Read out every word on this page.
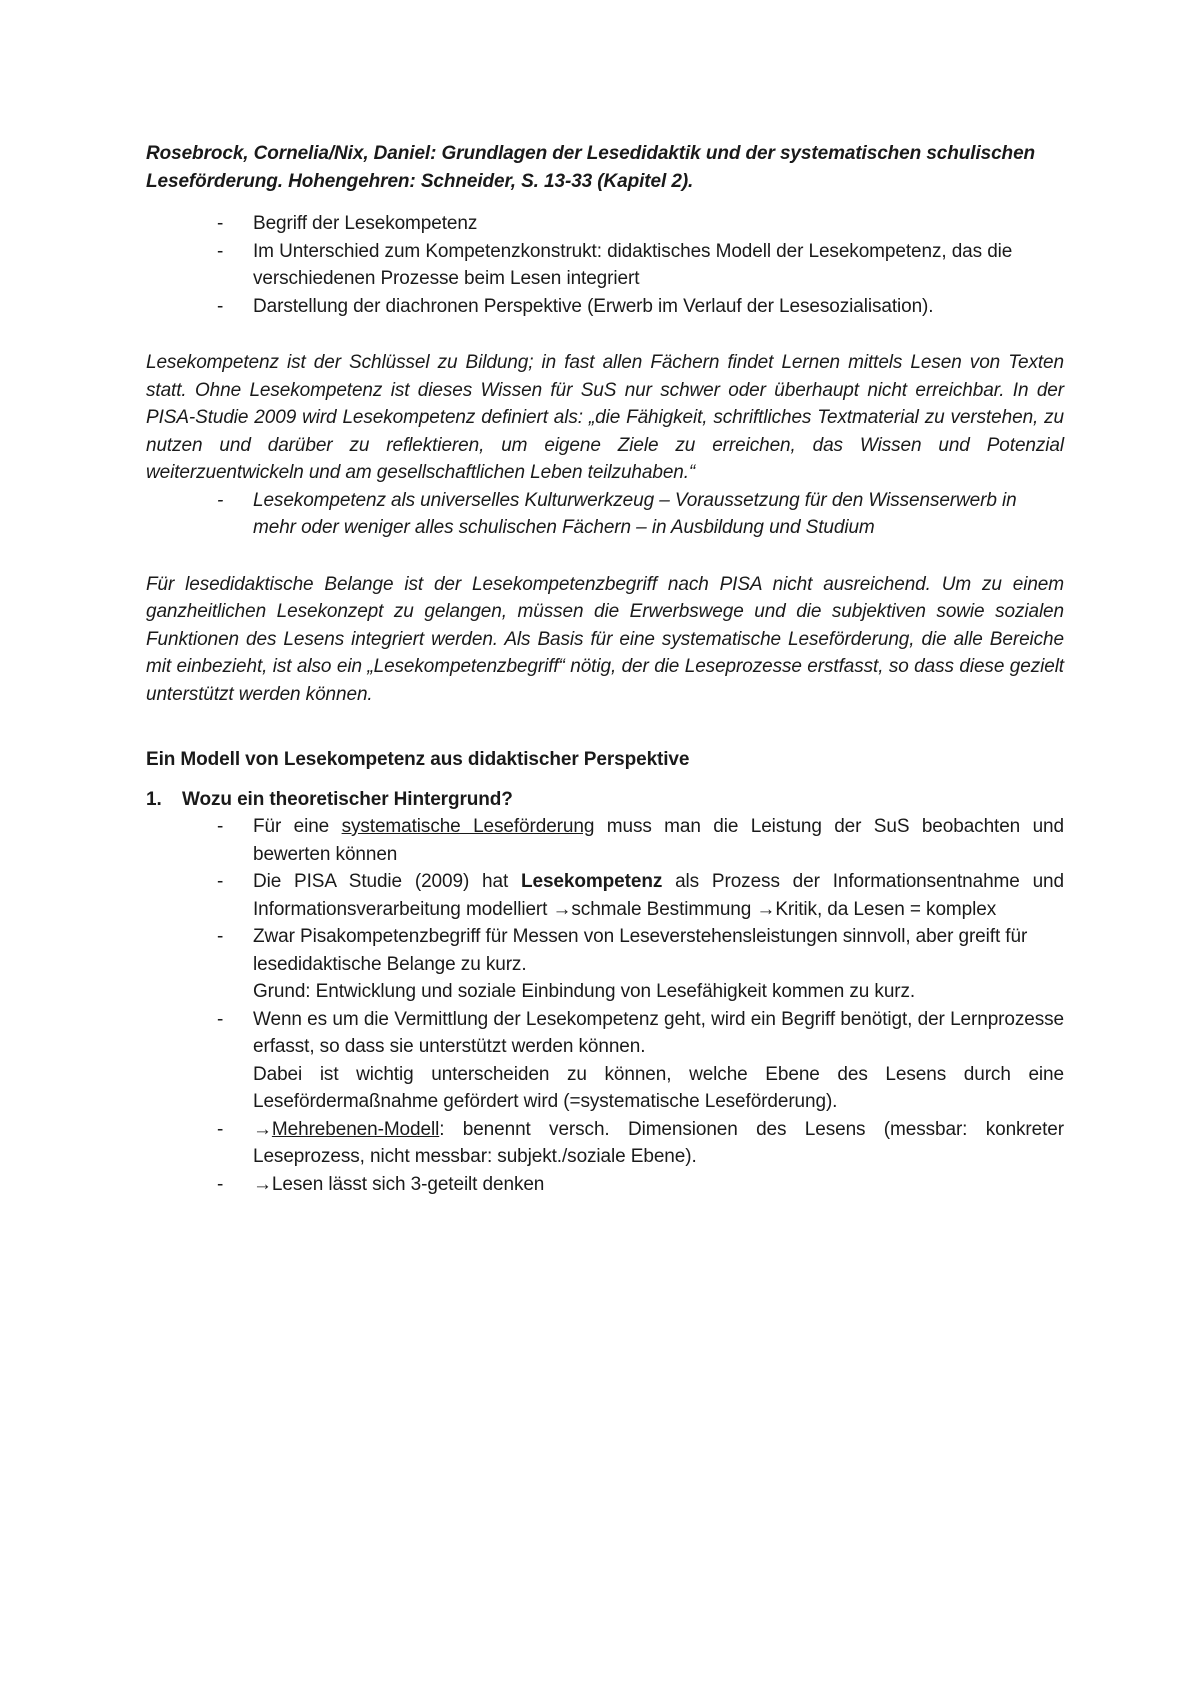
Rosebrock, Cornelia/Nix, Daniel: Grundlagen der Lesedidaktik und der systematischen schulischen

Leseförderung. Hohengehren: Schneider, S. 13-33 (Kapitel 2).

- Begriff der Lesekompetenz
- Im Unterschied zum Kompetenzkonstrukt: didaktisches Modell der Lesekompetenz, das die verschiedenen Prozesse beim Lesen integriert
- Darstellung der diachronen Perspektive (Erwerb im Verlauf der Lesesozialisation).

Lesekompetenz ist der Schlüssel zu Bildung; in fast allen Fächern findet Lernen mittels Lesen von Texten statt. Ohne Lesekompetenz ist dieses Wissen für SuS nur schwer oder überhaupt nicht erreichbar. In der PISA-Studie 2009 wird Lesekompetenz definiert als: „die Fähigkeit, schriftliches Textmaterial zu verstehen, zu nutzen und darüber zu reflektieren, um eigene Ziele zu erreichen, das Wissen und Potenzial weiterzuentwickeln und am gesellschaftlichen Leben teilzuhaben.“

- Lesekompetenz als universelles Kulturwerkzeug – Voraussetzung für den Wissenserwerb in mehr oder weniger alles schulischen Fächern – in Ausbildung und Studium

Für lesedidaktische Belange ist der Lesekompetenzbegriff nach PISA nicht ausreichend. Um zu einem ganzheitlichen Lesekonzept zu gelangen, müssen die Erwerbswege und die subjektiven sowie sozialen Funktionen des Lesens integriert werden. Als Basis für eine systematische Leseförderung, die alle Bereiche mit einbezieht, ist also ein „Lesekompetenzbegriff“ nötig, der die Leseprozesse erstfasst, so dass diese gezielt unterstützt werden können.

Ein Modell von Lesekompetenz aus didaktischer Perspektive

1. Wozu ein theoretischer Hintergrund?

- Für eine systematische Leseförderung muss man die Leistung der SuS beobachten und bewerten können
- Die PISA Studie (2009) hat Lesekompetenz als Prozess der Informationsentnahme und Informationsverarbeitung modelliert →schmale Bestimmung →Kritik, da Lesen = komplex
- Zwar Pisakompetenzbegriff für Messen von Leseverstehensleistungen sinnvoll, aber greift für lesedidaktische Belange zu kurz.
Grund: Entwicklung und soziale Einbindung von Lesefähigkeit kommen zu kurz.
- Wenn es um die Vermittlung der Lesekompetenz geht, wird ein Begriff benötigt, der Lernprozesse erfasst, so dass sie unterstützt werden können.
Dabei ist wichtig unterscheiden zu können, welche Ebene des Lesens durch eine Lesefördermaßnahme gefördert wird (=systematische Leseförderung).
- →Mehrebenen-Modell: benennt versch. Dimensionen des Lesens (messbar: konkreter Leseprozess, nicht messbar: subjekt./soziale Ebene).
- →Lesen lässt sich 3-geteilt denken
